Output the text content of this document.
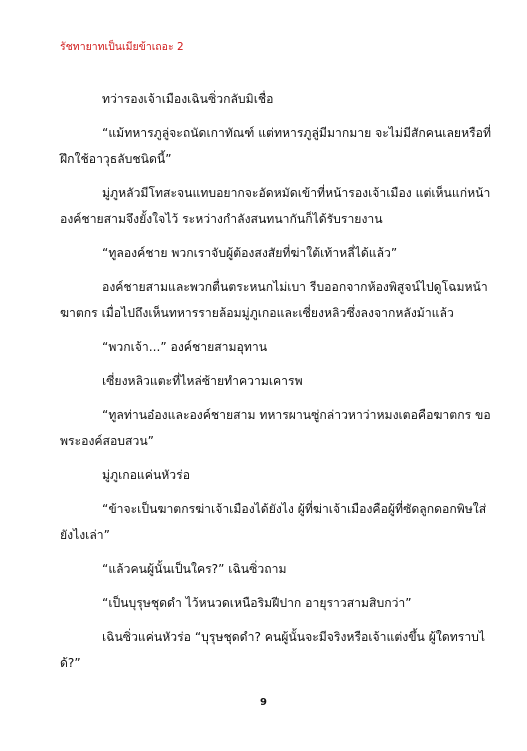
รัชทายาทเป็นเมียข้าเถอะ 2

ทว่ารองเจ้าเมืองเฉินซิ่วกลับมิเชื่อ

“แม้ทหารภูลู่จะถนัดเกาทัณฑ์ แต่ทหารภูลู่มีมากมาย จะไม่มีสักคนเลยหรือที่ฝึกใช้อาวุธลับชนิดนี้”

มู่ภูหลัวมีโทสะจนแทบอยากจะอัดหมัดเข้าที่หน้ารองเจ้าเมือง แต่เห็นแก่หน้าองค์ชายสามจึงยั้งใจไว้ ระหว่างกำลังสนทนากันก็ได้รับรายงาน

“ทูลองค์ชาย พวกเราจับผู้ต้องสงสัยที่ฆ่าใต้เท้าหลี่ได้แล้ว”

องค์ชายสามและพวกตื่นตระหนกไม่เบา รีบออกจากห้องพิสูจน์ไปดูโฉมหน้าฆาตกร เมื่อไปถึงเห็นทหารรายล้อมมู่ภูเกอและเซี่ยงหลิวซึ่งลงจากหลังม้าแล้ว

“พวกเจ้า...” องค์ชายสามอุทาน

เซี่ยงหลิวแตะที่ไหล่ซ้ายทำความเคารพ

“ทูลท่านอ๋องและองค์ชายสาม ทหารผานซู่กล่าวหาว่าหมงเตอคือฆาตกร ขอพระองค์สอบสวน”

มู่ภูเกอแค่นหัวร่อ

“ข้าจะเป็นฆาตกรฆ่าเจ้าเมืองได้ยังไง ผู้ที่ฆ่าเจ้าเมืองคือผู้ที่ซัดลูกดอกพิษใส่ยังไงเล่า”

“แล้วคนผู้นั้นเป็นใคร?” เฉินซิ่วถาม

“เป็นบุรุษชุดดำ ไว้หนวดเหนือริมฝีปาก อายุราวสามสิบกว่า”

เฉินซิ่วแค่นหัวร่อ “บุรุษชุดดำ? คนผู้นั้นจะมีจริงหรือเจ้าแต่งขึ้น ผู้ใดทราบได้?”

9
